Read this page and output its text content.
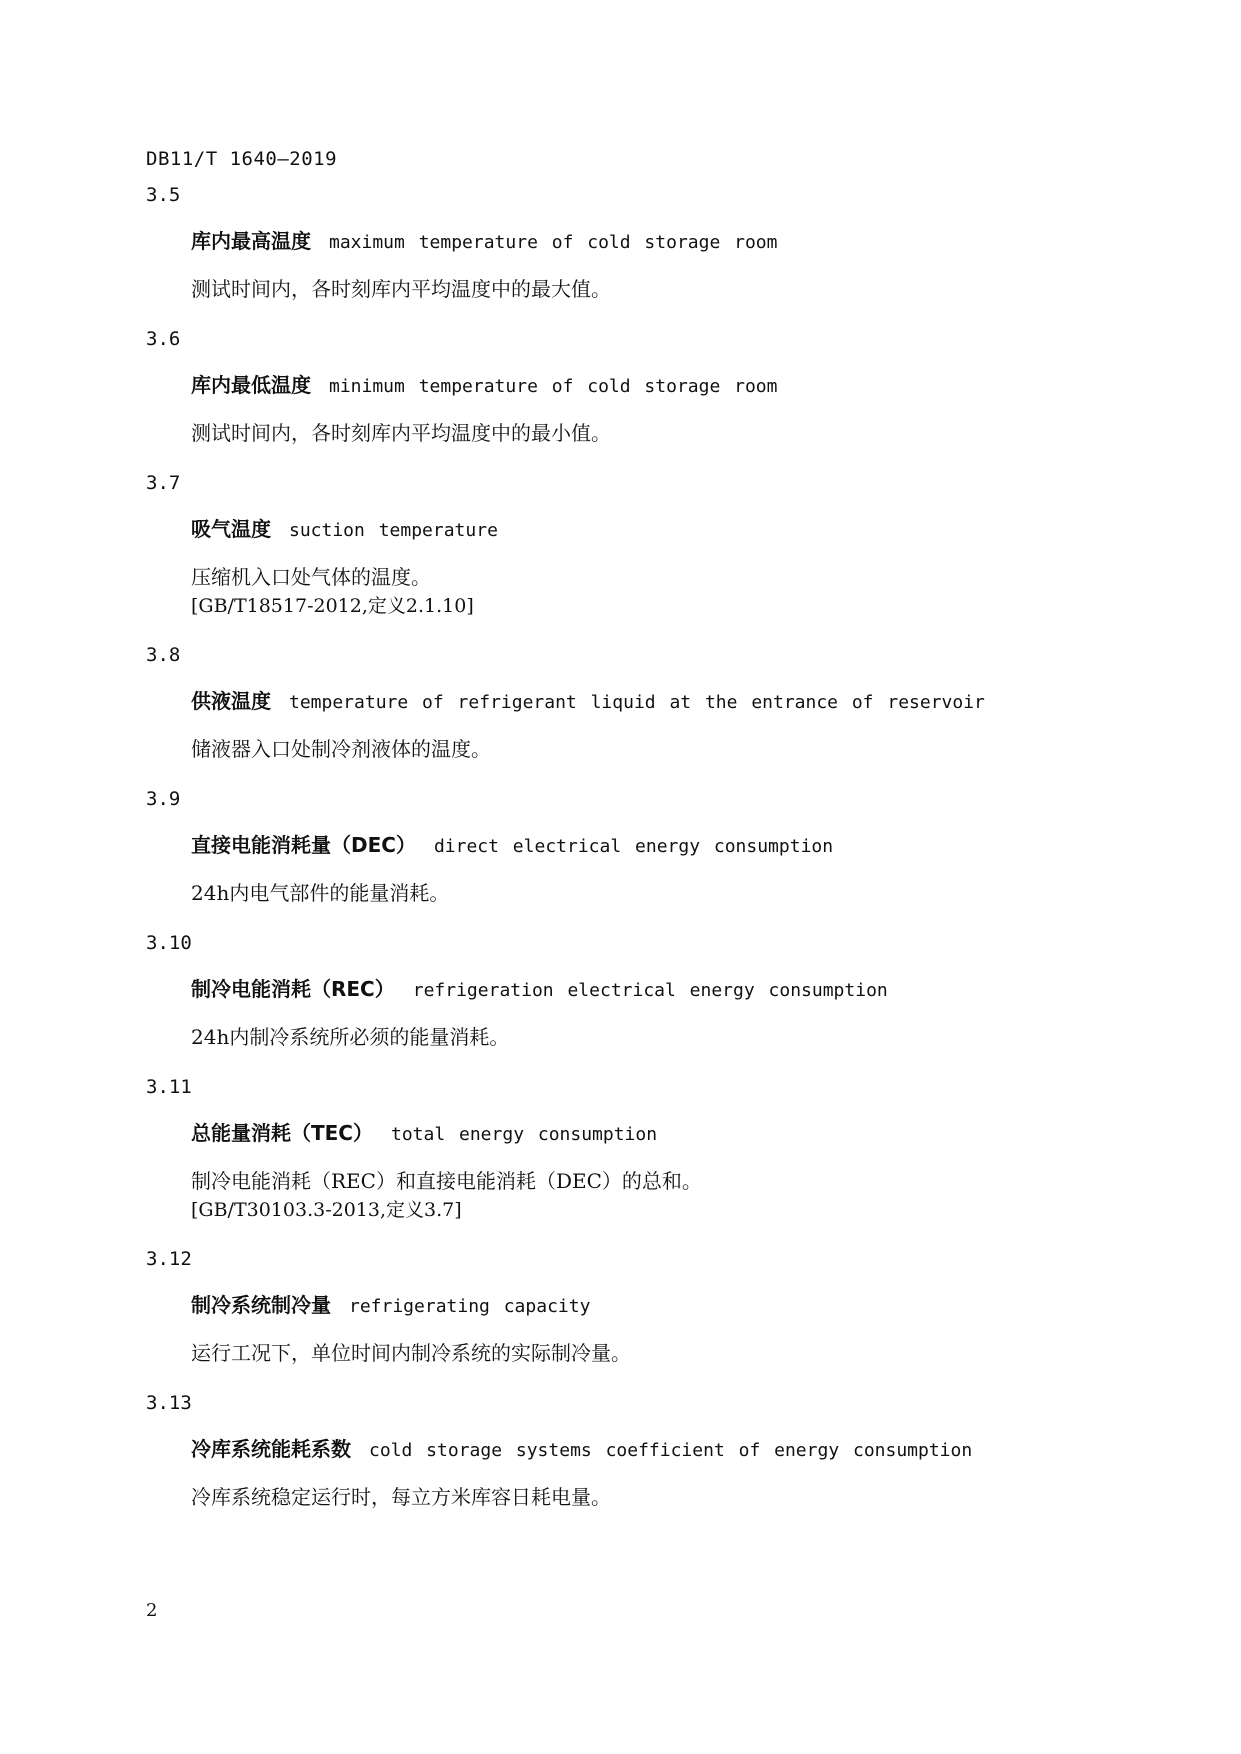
DB11/T 1640—2019
3.5
库内最高温度 maximum temperature of cold storage room
测试时间内，各时刻库内平均温度中的最大值。
3.6
库内最低温度 minimum temperature of cold storage room
测试时间内，各时刻库内平均温度中的最小值。
3.7
吸气温度 suction temperature
压缩机入口处气体的温度。
[GB/T18517-2012,定义2.1.10]
3.8
供液温度 temperature of refrigerant liquid at the entrance of reservoir
储液器入口处制冷剂液体的温度。
3.9
直接电能消耗量（DEC） direct electrical energy consumption
24h内电气部件的能量消耗。
3.10
制冷电能消耗（REC） refrigeration electrical energy consumption
24h内制冷系统所必须的能量消耗。
3.11
总能量消耗（TEC） total energy consumption
制冷电能消耗（REC）和直接电能消耗（DEC）的总和。
[GB/T30103.3-2013,定义3.7]
3.12
制冷系统制冷量 refrigerating capacity
运行工况下，单位时间内制冷系统的实际制冷量。
3.13
冷库系统能耗系数 cold storage systems coefficient of energy consumption
冷库系统稳定运行时，每立方米库容日耗电量。
2
